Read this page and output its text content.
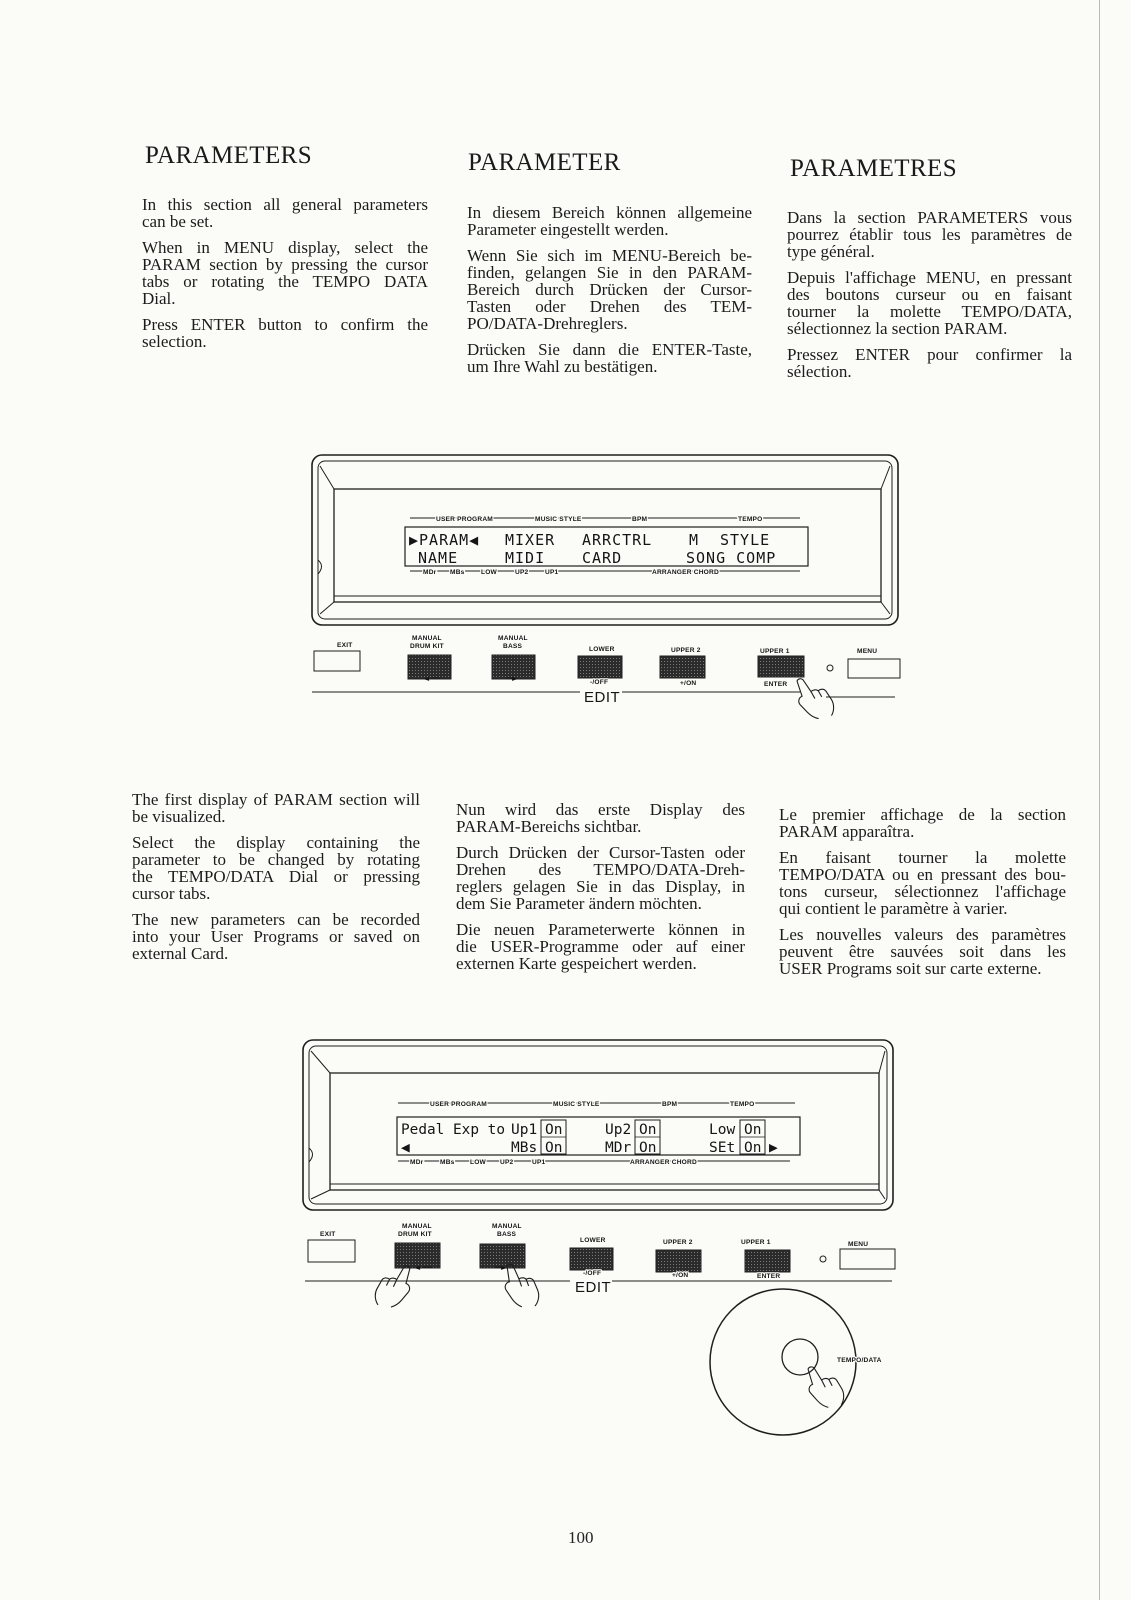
PARAMETERS	PARAMETER	PARAMETRES

In this section all general parameters
can be set.

When in MENU display, select the
PARAM section by pressing the cursor
tabs or rotating the TEMPO DATA
Dial.

Press ENTER button to confirm the
selection.

In diesem Bereich können allgemeine
Parameter eingestellt werden.

Wenn Sie sich im MENU-Bereich be-
finden, gelangen Sie in den PARAM-
Bereich durch Drücken der Cursor-
Tasten oder Drehen des TEM-
PO/DATA-Drehreglers.

Drücken Sie dann die ENTER-Taste,
um Ihre Wahl zu bestätigen.

Dans la section PARAMETERS vous
pourrez établir tous les paramètres de
type général.

Depuis l'affichage MENU, en pressant
des boutons curseur ou en faisant
tourner la molette TEMPO/DATA,
sélectionnez la section PARAM.

Pressez ENTER pour confirmer la
sélection.

USER PROGRAM	MUSIC STYLE	BPM	TEMPO
▶PARAM◀ MIXER ARRCTRL M STYLE
NAME	MIDI CARD	SONG COMP
MDr MBs LOW	UP2	UP1	ARRANGER CHORD
EXIT
MANUAL
DRUM KIT
◄
MANUAL
BASS
►
LOWER
-/OFF
UPPER 2
+/ON
UPPER 1
ENTER
MENU
EDIT

The first display of PARAM section will
be visualized.

Select the display containing the
parameter to be changed by rotating
the TEMPO/DATA Dial or pressing
cursor tabs.

The new parameters can be recorded
into your User Programs or saved on
external Card.

Nun wird das erste Display des
PARAM-Bereichs sichtbar.

Durch Drücken der Cursor-Tasten oder
Drehen des TEMPO/DATA-Dreh-
reglers gelagen Sie in das Display, in
dem Sie Parameter ändern möchten.

Die neuen Parameterwerte können in
die USER-Programme oder auf einer
externen Karte gespeichert werden.

Le premier affichage de la section
PARAM apparaîtra.

En faisant tourner la molette
TEMPO/DATA ou en pressant des bou-
tons curseur, sélectionnez l'affichage
qui contient le paramètre à varier.

Les nouvelles valeurs des paramètres
peuvent être sauvées soit dans les
USER Programs soit sur carte externe.

USER PROGRAM	MUSIC STYLE	BPM	TEMPO
Pedal Exp to Up1 On	Up2 On	Low On
◀	MBs On	MDr On	SEt On ▶
MDr	MBs LOW UP2	UP1	ARRANGER CHORD
EXIT
MANUAL
DRUM KIT
◄
MANUAL
BASS
►
LOWER
-/OFF
UPPER 2
+/ON
UPPER 1
ENTER
MENU
EDIT
TEMPO/DATA
100
